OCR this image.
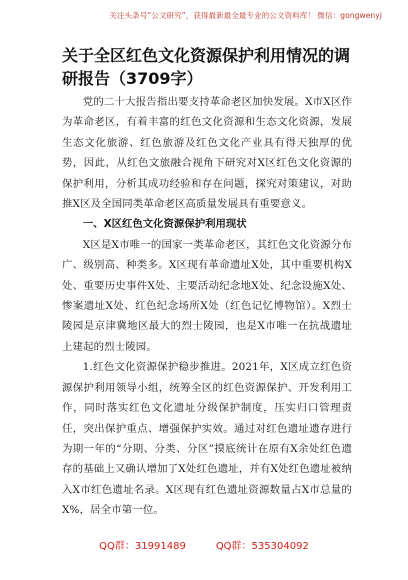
关注头条号“公文研究”，获得最新最全最专业的公文资料库！ 微信：gongwenyj
关于全区红色文化资源保护利用情况的调研报告（3709字）

党的二十大报告指出要支持革命老区加快发展。X市X区作为革命老区，有着丰富的红色文化资源和生态文化资源，发展生态文化旅游、红色旅游及红色文化产业具有得天独厚的优势，因此，从红色文旅融合视角下研究对X区红色文化资源的保护利用，分析其成功经验和存在问题，探究对策建议，对助推X区及全国同类革命老区高质量发展具有重要意义。

一、X区红色文化资源保护利用现状

X区是X市唯一的国家一类革命老区，其红色文化资源分布广、级别高、种类多。X区现有革命遗址X处，其中重要机构X处、重要历史事件X处、主要活动纪念地X处、纪念设施X处、惨案遗址X处、红色纪念场所X处（红色记忆博物馆）。X烈士陵园是京津冀地区最大的烈士陵园，也是X市唯一在抗战遗址上建起的烈士陵园。

1.红色文化资源保护稳步推进。2021年，X区成立红色资源保护利用领导小组，统筹全区的红色资源保护、开发利用工作，同时落实红色文化遗址分级保护制度，压实归口管理责任，突出保护重点、增强保护实效。通过对红色遗址遗存进行为期一年的“分期、分类、分区”摸底统计在原有X余处红色遗存的基础上又确认增加了X处红色遗址，并有X处红色遗址被纳入X市红色遗址名录。X区现有红色遗址资源数量占X市总量的X%，居全市第一位。

QQ群：31991489	QQ群：535304092
